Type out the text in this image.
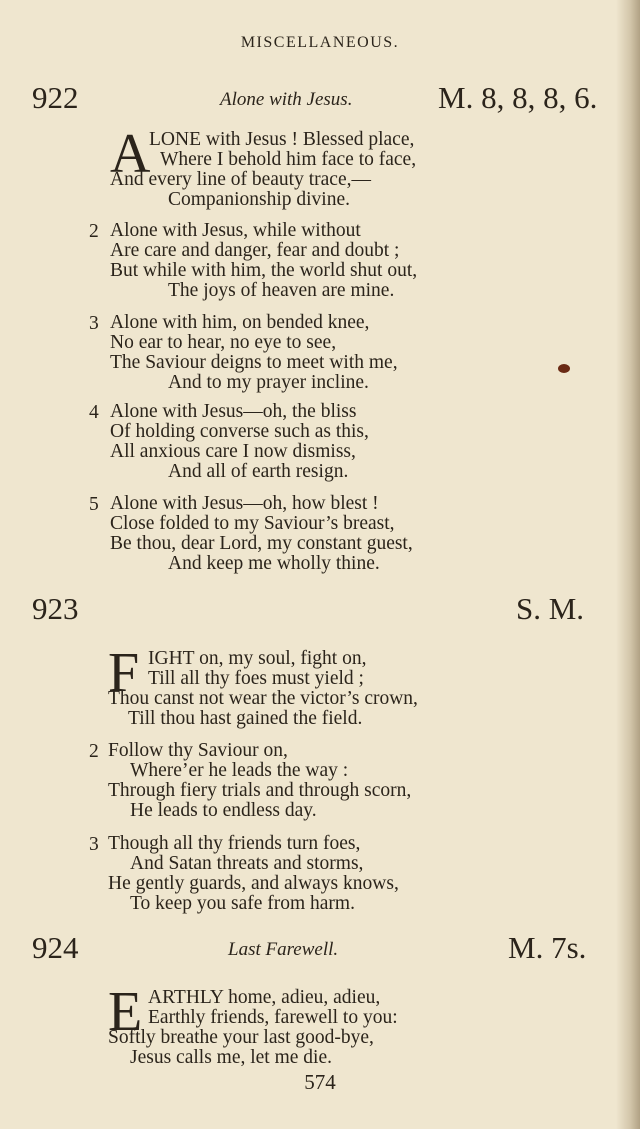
MISCELLANEOUS.
922	Alone with Jesus.	M. 8, 8, 8, 6.
A
LONE with Jesus ! Blessed place,
Where I behold him face to face,
And every line of beauty trace,—
Companionship divine.
2 Alone with Jesus, while without
Are care and danger, fear and doubt ;
But while with him, the world shut out,
The joys of heaven are mine.
3 Alone with him, on bended knee,
No ear to hear, no eye to see,
The Saviour deigns to meet with me,
And to my prayer incline.
4 Alone with Jesus—oh, the bliss
Of holding converse such as this,
All anxious care I now dismiss,
And all of earth resign.
5 Alone with Jesus—oh, how blest !
Close folded to my Saviour’s breast,
Be thou, dear Lord, my constant guest,
And keep me wholly thine.
923	S. M.
F IGHT on, my soul, fight on,
Till all thy foes must yield ;
Thou canst not wear the victor’s crown,
Till thou hast gained the field.
2 Follow thy Saviour on,
Where’er he leads the way :
Through fiery trials and through scorn,
He leads to endless day.
3 Though all thy friends turn foes,
And Satan threats and storms,
He gently guards, and always knows,
To keep you safe from harm.
924	Last Farewell.	M. 7s.
E ARTHLY home, adieu, adieu,
Earthly friends, farewell to you:
Softly breathe your last good-bye,
Jesus calls me, let me die.
574
